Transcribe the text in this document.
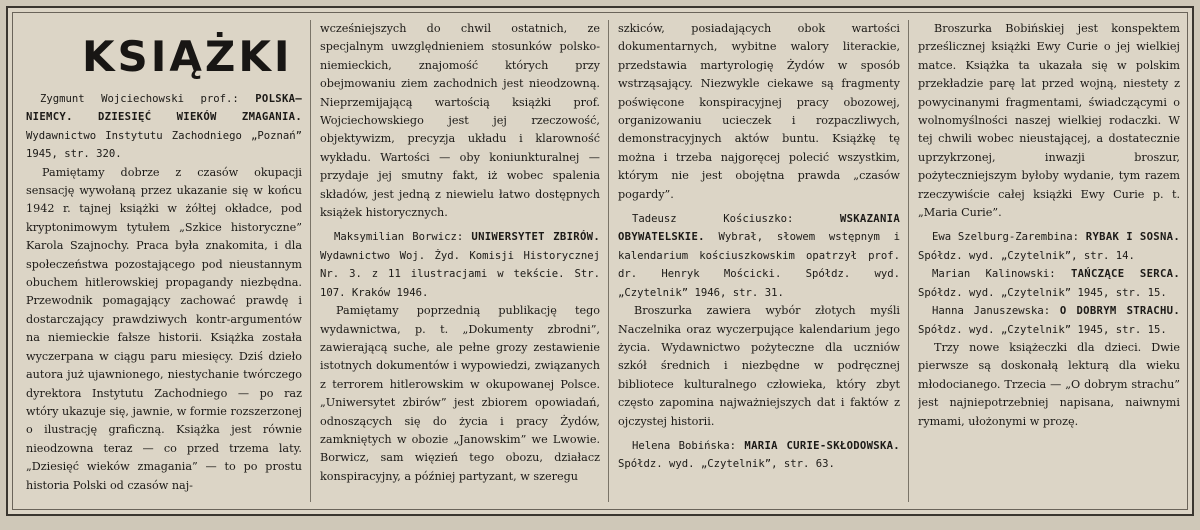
KSIĄŻKI

Zygmunt Wojciechowski prof.: POLSKA—NIEMCY. DZIESIĘĆ WIEKÓW ZMAGANIA. Wydawnictwo Instytutu Zachodniego „Poznań” 1945, str. 320.

Pamiętamy dobrze z czasów okupacji sensację wywołaną przez ukazanie się w końcu 1942 r. tajnej książki w żółtej okładce, pod kryptonimowym tytułem „Szkice historyczne” Karola Szajnochy. Praca była znakomita, i dla społeczeństwa pozostającego pod nieustannym obuchem hitlerowskiej propagandy niezbędna. Przewodnik pomagający zachować prawdę i dostarczający prawdziwych kontr-argumentów na niemieckie fałsze historii. Książka została wyczerpana w ciągu paru miesięcy. Dziś dzieło autora już ujawnionego, niestychanie twórczego dyrektora Instytutu Zachodniego — po raz wtóry ukazuje się, jawnie, w formie rozszerzonej o ilustrację graficzną. Książka jest równie nieodzowna teraz — co przed trzema laty. „Dziesięć wieków zmagania” — to po prostu historia Polski od czasów naj-

wcześniejszych do chwil ostatnich, ze specjalnym uwzględnieniem stosunków polsko-niemieckich, znajomość których przy obejmowaniu ziem zachodnich jest nieodzowną. Nieprzemijającą wartością książki prof. Wojciechowskiego jest jej rzeczowość, objektywizm, precyzja układu i klarowność wykładu. Wartości — oby koniunkturalnej — przydaje jej smutny fakt, iż wobec spalenia składów, jest jedną z niewielu łatwo dostępnych książek historycznych.

Maksymilian Borwicz: UNIWERSYTET ZBIRÓW. Wydawnictwo Woj. Żyd. Komisji Historycznej Nr. 3. z 11 ilustracjami w tekście. Str. 107. Kraków 1946.

Pamiętamy poprzednią publikację tego wydawnictwa, p. t. „Dokumenty zbrodni”, zawierającą suche, ale pełne grozy zestawienie istotnych dokumentów i wypowiedzi, związanych z terrorem hitlerowskim w okupowanej Polsce. „Uniwersytet zbirów” jest zbiorem opowiadań, odnoszących się do życia i pracy Żydów, zamkniętych w obozie „Janowskim” we Lwowie. Borwicz, sam więzień tego obozu, działacz konspiracyjny, a później partyzant, w szeregu

szkiców, posiadających obok wartości dokumentarnych, wybitne walory literackie, przedstawia martyrologię Żydów w sposób wstrząsający. Niezwykle ciekawe są fragmenty poświęcone konspiracyjnej pracy obozowej, organizowaniu ucieczek i rozpaczliwych, demonstracyjnych aktów buntu. Książkę tę można i trzeba najgoręcej polecić wszystkim, którym nie jest obojętna prawda „czasów pogardy”.

Tadeusz Kościuszko: WSKAZANIA OBYWATELSKIE. Wybrał, słowem wstępnym i kalendarium kościuszkowskim opatrzył prof. dr. Henryk Mościcki. Spółdz. wyd. „Czytelnik” 1946, str. 31.

Broszurka zawiera wybór złotych myśli Naczelnika oraz wyczerpujące kalendarium jego życia. Wydawnictwo pożyteczne dla uczniów szkół średnich i niezbędne w podręcznej bibliotece kulturalnego człowieka, który zbyt często zapomina najważniejszych dat i faktów z ojczystej historii.

Helena Bobińska: MARIA CURIE-SKŁODOWSKA. Spółdz. wyd. „Czytelnik”, str. 63.

Broszurka Bobińskiej jest konspektem prześlicznej książki Ewy Curie o jej wielkiej matce. Książka ta ukazała się w polskim przekładzie parę lat przed wojną, niestety z powycinanymi fragmentami, świadczącymi o wolnomyślności naszej wielkiej rodaczki. W tej chwili wobec nieustającej, a dostatecznie uprzykrzonej, inwazji broszur, pożyteczniejszym byłoby wydanie, tym razem rzeczywiście całej książki Ewy Curie p. t. „Maria Curie”.

Ewa Szelburg-Zarembina: RYBAK I SOSNA. Spółdz. wyd. „Czytelnik”, str. 14.

Marian Kalinowski: TAŃCZĄCE SERCA. Spółdz. wyd. „Czytelnik” 1945, str. 15.

Hanna Januszewska: O DOBRYM STRACHU. Spółdz. wyd. „Czytelnik” 1945, str. 15.

Trzy nowe książeczki dla dzieci. Dwie pierwsze są doskonałą lekturą dla wieku młodocianego. Trzecia — „O dobrym strachu” jest najniepotrzebniej napisana, naiwnymi rymami, ułożonymi w prozę.
